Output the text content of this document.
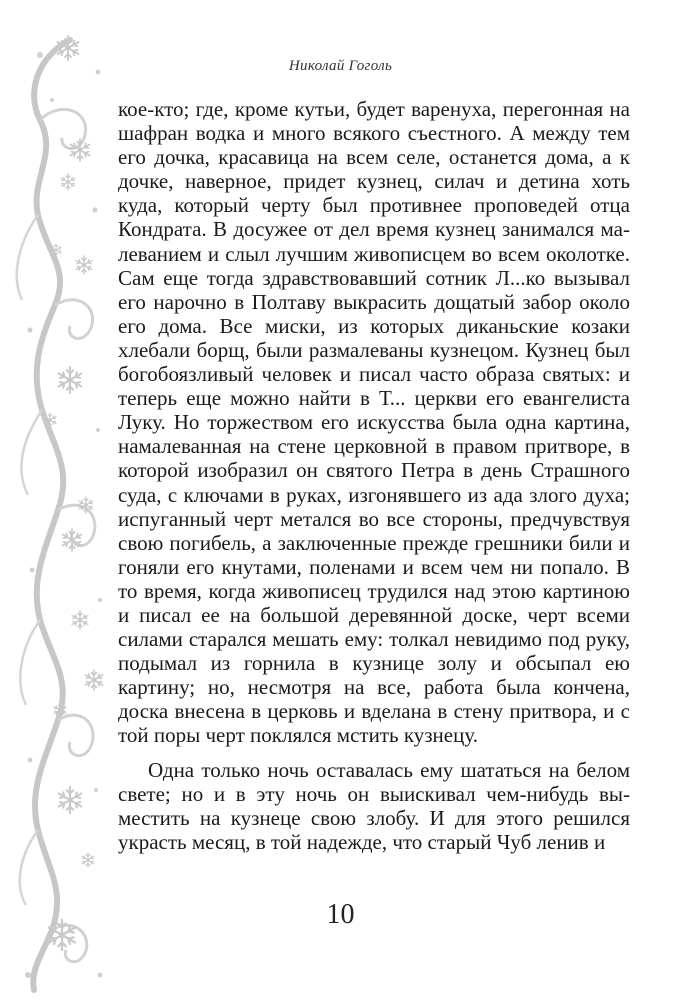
Николай Гоголь

кое-кто; где, кроме кутьи, будет варенуха, перегонная на шафран водка и много всякого съестного. А между тем его дочка, красавица на всем селе, останется дома, а к дочке, наверное, придет кузнец, силач и детина хоть куда, который черту был противнее проповедей отца Кондрата. В досужее от дел время кузнец занимался малеванием и слыл лучшим живописцем во всем околотке. Сам еще тогда здравствовавший сотник Л...ко вызывал его нарочно в Полтаву выкрасить дощатый забор около его дома. Все миски, из которых диканьские козаки хлебали борщ, были размалеваны кузнецом. Кузнец был богобоязливый человек и писал часто образа святых: и теперь еще можно найти в Т... церкви его евангелиста Луку. Но торжеством его искусства была одна картина, намалеванная на стене церковной в правом притворе, в которой изобразил он святого Петра в день Страшного суда, с ключами в руках, изгонявшего из ада злого духа; испуганный черт метался во все стороны, предчувствуя свою погибель, а заключенные прежде грешники били и гоняли его кнутами, поленами и всем чем ни попало. В то время, когда живописец трудился над этою картиною и писал ее на большой деревянной доске, черт всеми силами старался мешать ему: толкал невидимо под руку, подымал из горнила в кузнице золу и обсыпал ею картину; но, несмотря на все, работа была кончена, доска внесена в церковь и вделана в стену притвора, и с той поры черт поклялся мстить кузнецу.

Одна только ночь оставалась ему шататься на белом свете; но и в эту ночь он выискивал чем-нибудь выместить на кузнеце свою злобу. И для этого решился украсть месяц, в той надежде, что старый Чуб ленив и

10
